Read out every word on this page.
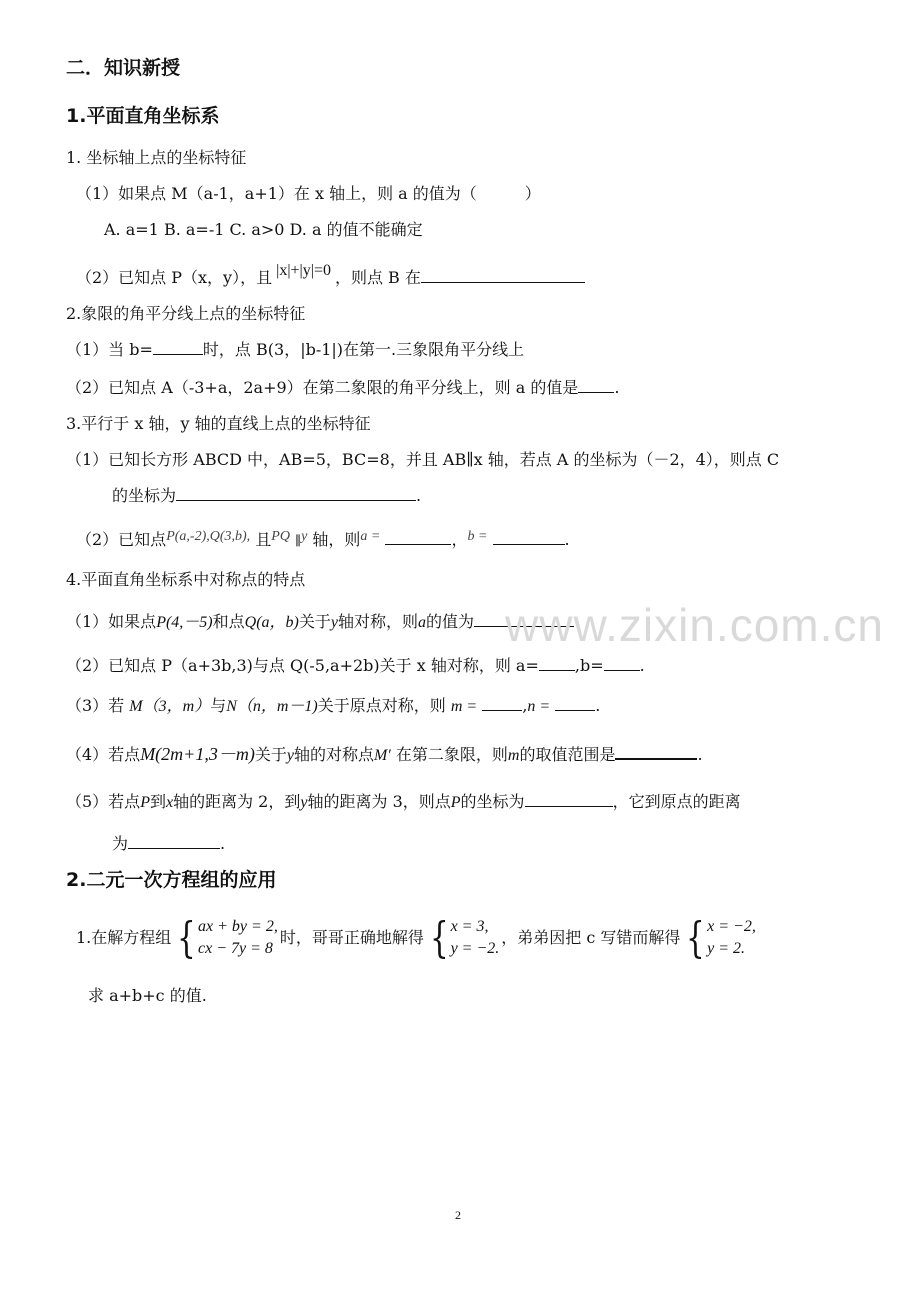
二．知识新授
1.平面直角坐标系
1. 坐标轴上点的坐标特征
（1）如果点 M（a-1，a+1）在 x 轴上，则 a 的值为（　　　）
A. a=1 B. a=-1 C. a>0 D. a 的值不能确定
（2）已知点 P（x，y），且 |x|+|y|=0 ，则点 B 在
2.象限的角平分线上点的坐标特征
（1）当 b=	时，点 B(3，|b-1|)在第一.三象限角平分线上
（2）已知点 A（-3+a，2a+9）在第二象限的角平分线上，则 a 的值是 .
3.平行于 x 轴，y 轴的直线上点的坐标特征
（1）已知长方形 ABCD 中，AB=5，BC=8，并且 AB∥x 轴，若点 A 的坐标为（－2，4），则点 C
的坐标为	.
（2）已知点P(a,-2),Q(3,b), 且PQ ∥y 轴，则a =	，b =	.
4.平面直角坐标系中对称点的特点
（1）如果点P(4,－5)和点Q(a，b)关于y轴对称，则a的值为
（2）已知点 P（a+3b,3)与点 Q(-5,a+2b)关于 x 轴对称，则 a= ,b= .
（3）若 M（3，m）与N（n，m－1)关于原点对称，则 m =	,n =	.
（4）若点M(2m+1,3－m)关于y轴的对称点M′ 在第二象限，则m的取值范围是	.
（5）若点P到x轴的距离为 2，到y轴的距离为 3，则点P的坐标为	，它到原点的距离
为	.
2.二元一次方程组的应用
1.在解方程组 { ax + by = 2,
cx − 7y = 8
时，哥哥正确地解得 { x = 3,
y = −2.
，弟弟因把 c 写错而解得 { x = −2,
y = 2.
求 a+b+c 的值.
www.zixin.com.cn
2
